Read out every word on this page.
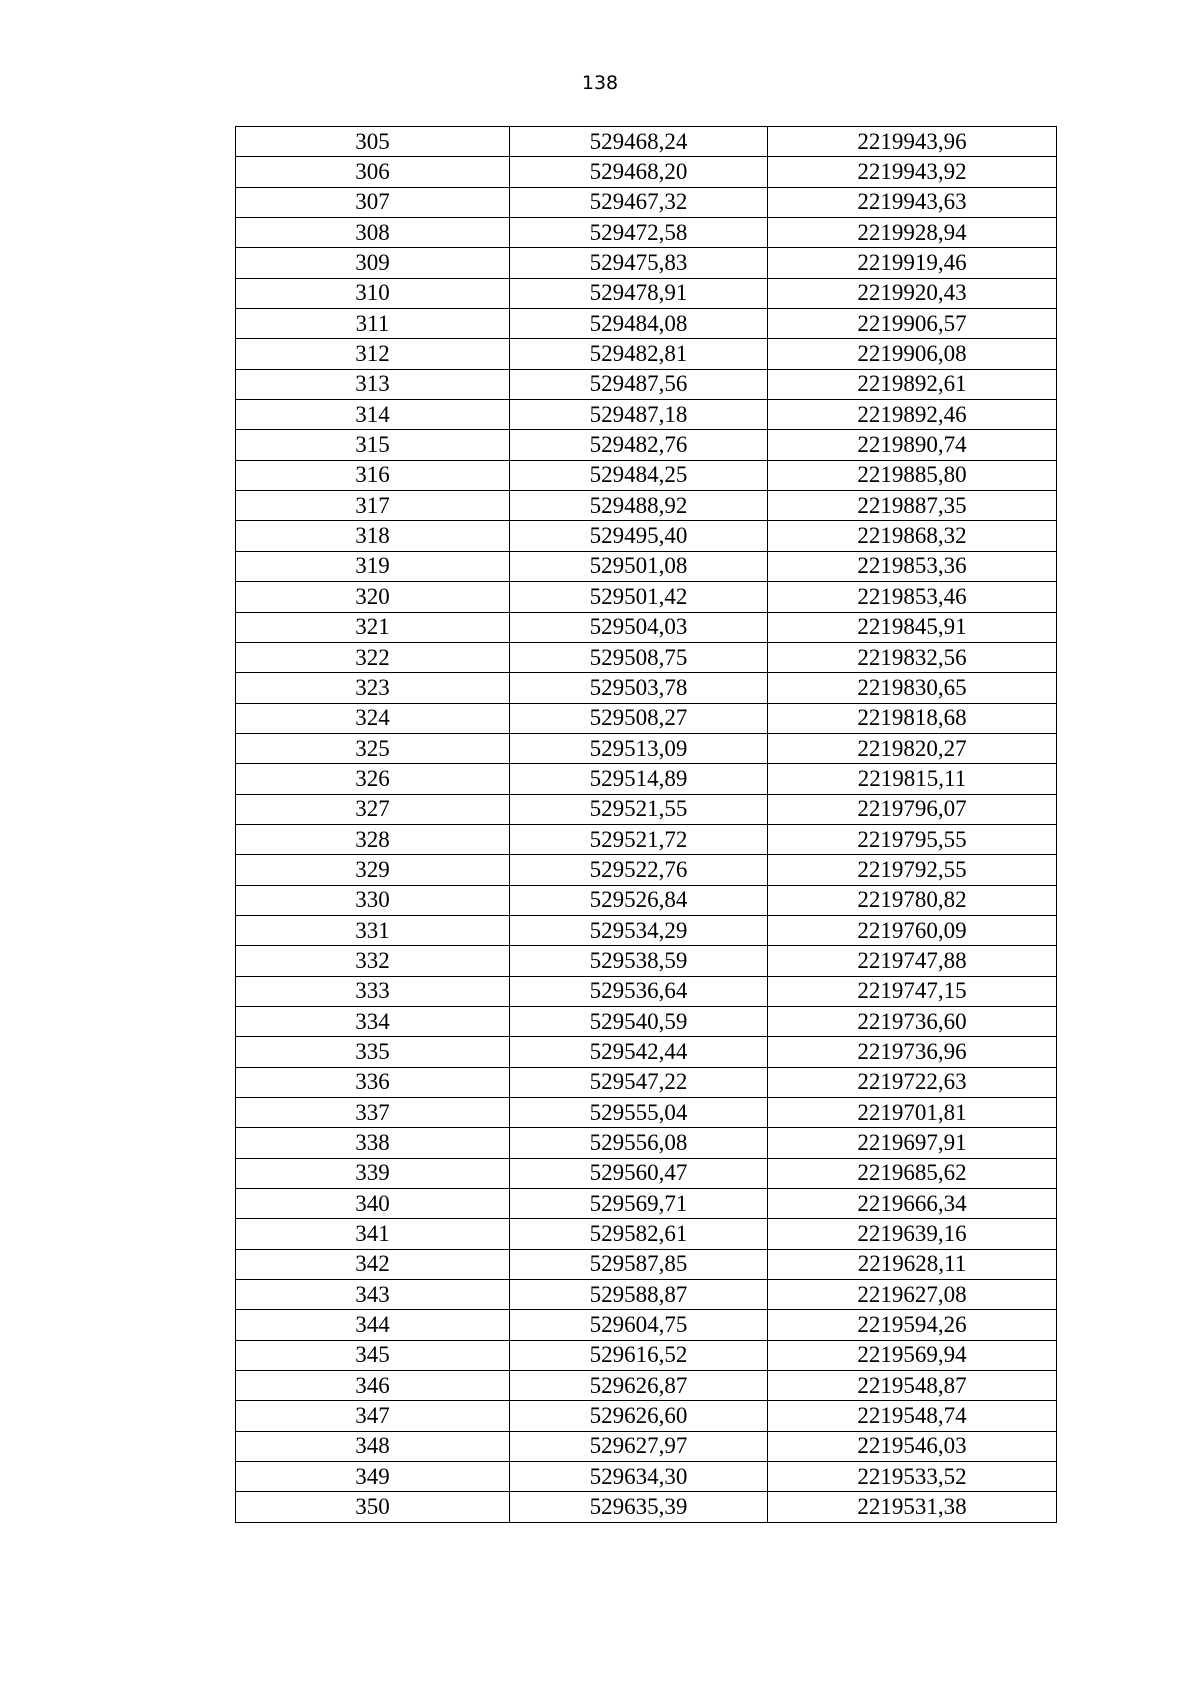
138
305	529468,24	2219943,96
306	529468,20	2219943,92
307	529467,32	2219943,63
308	529472,58	2219928,94
309	529475,83	2219919,46
310	529478,91	2219920,43
311	529484,08	2219906,57
312	529482,81	2219906,08
313	529487,56	2219892,61
314	529487,18	2219892,46
315	529482,76	2219890,74
316	529484,25	2219885,80
317	529488,92	2219887,35
318	529495,40	2219868,32
319	529501,08	2219853,36
320	529501,42	2219853,46
321	529504,03	2219845,91
322	529508,75	2219832,56
323	529503,78	2219830,65
324	529508,27	2219818,68
325	529513,09	2219820,27
326	529514,89	2219815,11
327	529521,55	2219796,07
328	529521,72	2219795,55
329	529522,76	2219792,55
330	529526,84	2219780,82
331	529534,29	2219760,09
332	529538,59	2219747,88
333	529536,64	2219747,15
334	529540,59	2219736,60
335	529542,44	2219736,96
336	529547,22	2219722,63
337	529555,04	2219701,81
338	529556,08	2219697,91
339	529560,47	2219685,62
340	529569,71	2219666,34
341	529582,61	2219639,16
342	529587,85	2219628,11
343	529588,87	2219627,08
344	529604,75	2219594,26
345	529616,52	2219569,94
346	529626,87	2219548,87
347	529626,60	2219548,74
348	529627,97	2219546,03
349	529634,30	2219533,52
350	529635,39	2219531,38
